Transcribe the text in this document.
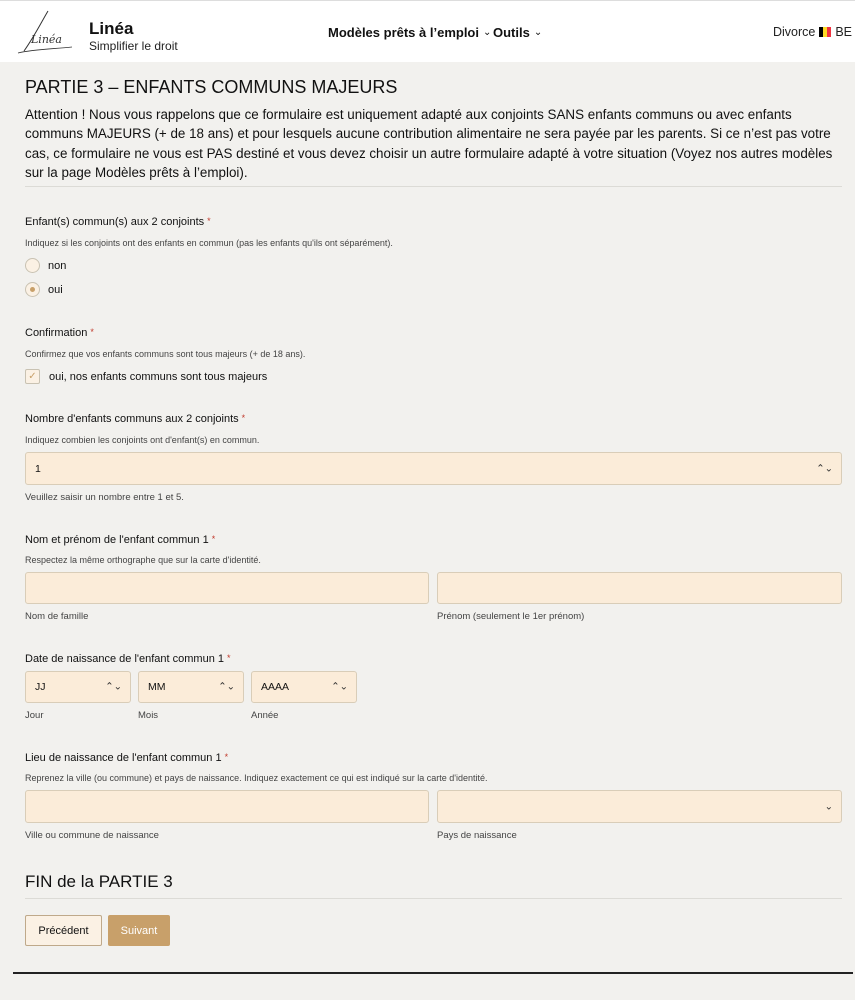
Linéa
Linéa
Simplifier le droit
Modèles prêts à l’emploi ⌄ Outils ⌄	Divorce BE
PARTIE 3 – ENFANTS COMMUNS MAJEURS
Attention ! Nous vous rappelons que ce formulaire est uniquement adapté aux conjoints SANS enfants communs ou avec enfants communs MAJEURS (+ de 18 ans) et pour lesquels aucune contribution alimentaire ne sera payée par les parents. Si ce n’est pas votre cas, ce formulaire ne vous est PAS destiné et vous devez choisir un autre formulaire adapté à votre situation (Voyez nos autres modèles sur la page Modèles prêts à l’emploi).
Enfant(s) commun(s) aux 2 conjoints *
Indiquez si les conjoints ont des enfants en commun (pas les enfants qu'ils ont séparément).
non
oui
Confirmation *
Confirmez que vos enfants communs sont tous majeurs (+ de 18 ans).
✓	oui, nos enfants communs sont tous majeurs
Nombre d'enfants communs aux 2 conjoints *
Indiquez combien les conjoints ont d'enfant(s) en commun.
1	⌃⌄
Veuillez saisir un nombre entre 1 et 5.
Nom et prénom de l'enfant commun 1 *
Respectez la même orthographe que sur la carte d'identité.
Nom de famille	Prénom (seulement le 1er prénom)
Date de naissance de l'enfant commun 1 *
JJ	⌃⌄ MM	⌃⌄ AAAA	⌃⌄
Jour	Mois	Année
Lieu de naissance de l'enfant commun 1 *
Reprenez la ville (ou commune) et pays de naissance. Indiquez exactement ce qui est indiqué sur la carte d'identité.
⌄
Ville ou commune de naissance	Pays de naissance
FIN de la PARTIE 3
Précédent	Suivant
